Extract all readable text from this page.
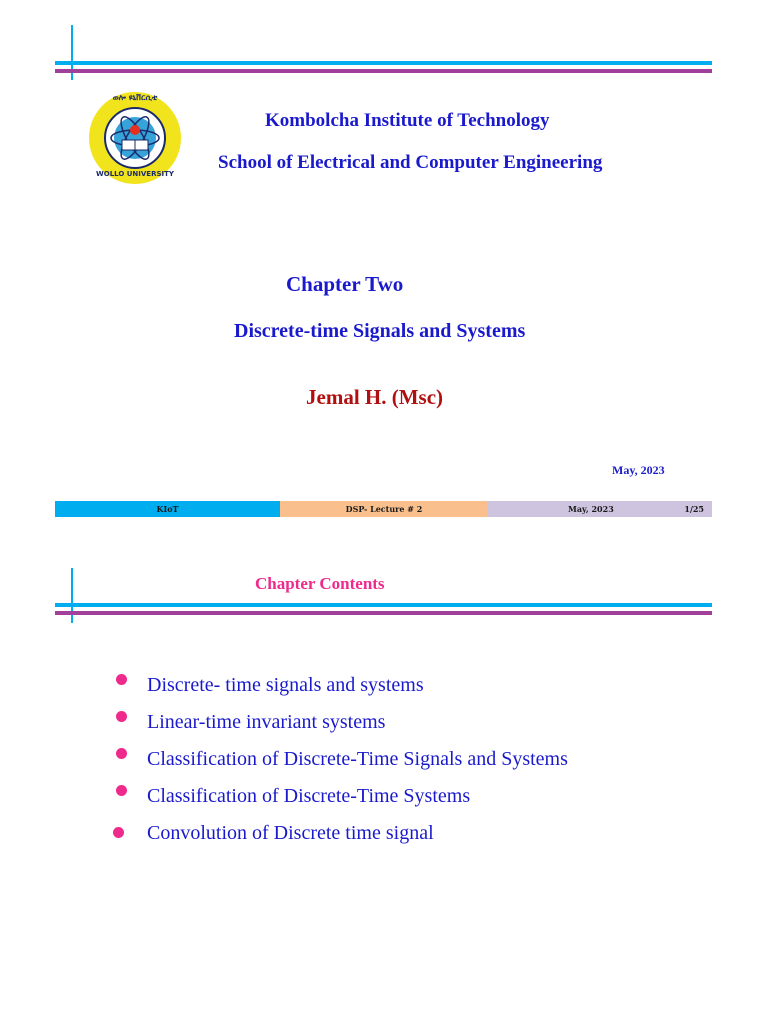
ወሎ ዩኒቨርሲቲ
WOLLO UNIVERSITY
Kombolcha Institute of Technology
School of Electrical and Computer Engineering
Chapter Two
Discrete-time Signals and Systems
Jemal H. (Msc)
May, 2023
KIoT	DSP- Lecture # 2	May, 2023	1/25
Chapter Contents
Discrete- time signals and systems
Linear-time invariant systems
Classification of Discrete-Time Signals and Systems
Classification of Discrete-Time Systems
Convolution of Discrete time signal
